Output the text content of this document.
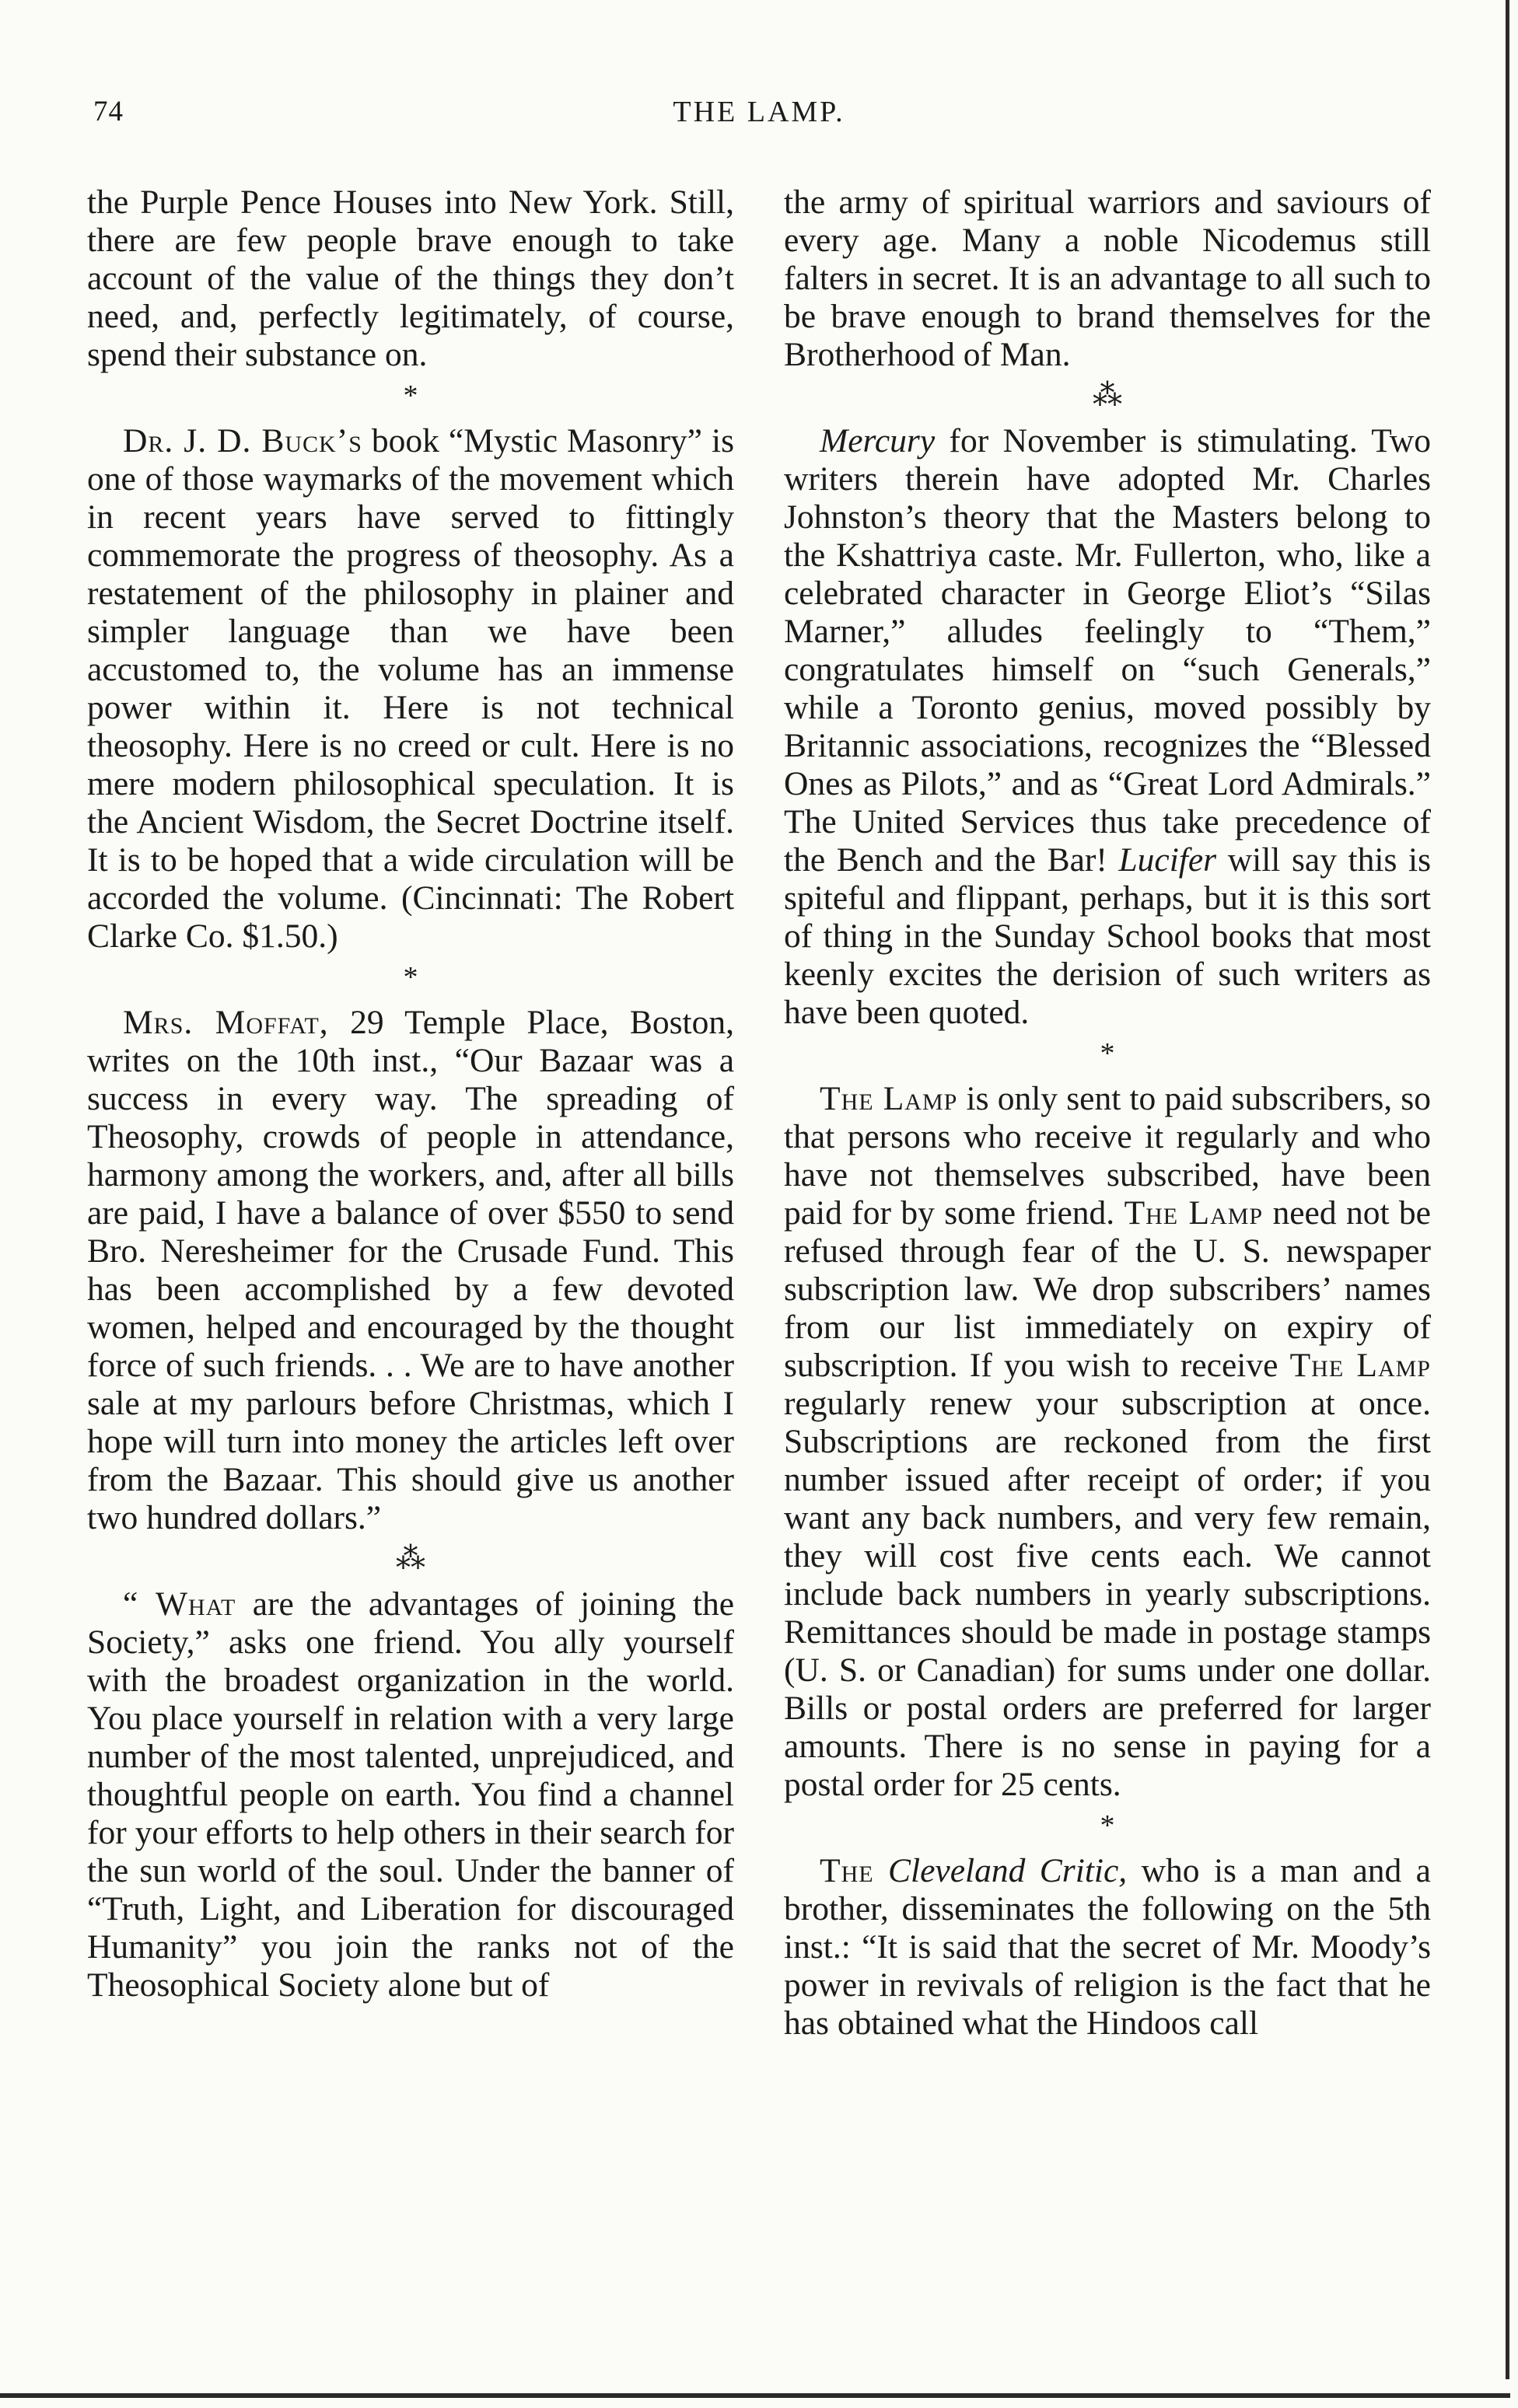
74	THE LAMP.

the Purple Pence Houses into New York. Still, there are few people brave enough to take account of the value of the things they don’t need, and, perfectly legitimately, of course, spend their substance on.

*

Dr. J. D. Buck’s book “Mystic Masonry” is one of those waymarks of the movement which in recent years have served to fittingly commemorate the progress of theosophy. As a restatement of the philosophy in plainer and simpler language than we have been accustomed to, the volume has an immense power within it. Here is not technical theosophy. Here is no creed or cult. Here is no mere modern philosophical speculation. It is the Ancient Wisdom, the Secret Doctrine itself. It is to be hoped that a wide circulation will be accorded the volume. (Cincinnati: The Robert Clarke Co. $1.50.)

*

Mrs. Moffat, 29 Temple Place, Boston, writes on the 10th inst., “Our Bazaar was a success in every way. The spreading of Theosophy, crowds of people in attendance, harmony among the workers, and, after all bills are paid, I have a balance of over $550 to send Bro. Neresheimer for the Crusade Fund. This has been accomplished by a few devoted women, helped and encouraged by the thought force of such friends. . . We are to have another sale at my parlours before Christmas, which I hope will turn into money the articles left over from the Bazaar. This should give us another two hundred dollars.”

⁂

“ What are the advantages of joining the Society,” asks one friend. You ally yourself with the broadest organization in the world. You place yourself in relation with a very large number of the most talented, unprejudiced, and thoughtful people on earth. You find a channel for your efforts to help others in their search for the sun world of the soul. Under the banner of “Truth, Light, and Liberation for discouraged Humanity” you join the ranks not of the Theosophical Society alone but of

the army of spiritual warriors and saviours of every age. Many a noble Nicodemus still falters in secret. It is an advantage to all such to be brave enough to brand themselves for the Brotherhood of Man.

⁂

Mercury for November is stimulating. Two writers therein have adopted Mr. Charles Johnston’s theory that the Masters belong to the Kshattriya caste. Mr. Fullerton, who, like a celebrated character in George Eliot’s “Silas Marner,” alludes feelingly to “Them,” congratulates himself on “such Generals,” while a Toronto genius, moved possibly by Britannic associations, recognizes the “Blessed Ones as Pilots,” and as “Great Lord Admirals.” The United Services thus take precedence of the Bench and the Bar! Lucifer will say this is spiteful and flippant, perhaps, but it is this sort of thing in the Sunday School books that most keenly excites the derision of such writers as have been quoted.

*

The Lamp is only sent to paid subscribers, so that persons who receive it regularly and who have not themselves subscribed, have been paid for by some friend. The Lamp need not be refused through fear of the U. S. newspaper subscription law. We drop subscribers’ names from our list immediately on expiry of subscription. If you wish to receive The Lamp regularly renew your subscription at once. Subscriptions are reckoned from the first number issued after receipt of order; if you want any back numbers, and very few remain, they will cost five cents each. We cannot include back numbers in yearly subscriptions. Remittances should be made in postage stamps (U. S. or Canadian) for sums under one dollar. Bills or postal orders are preferred for larger amounts. There is no sense in paying for a postal order for 25 cents.

*

The Cleveland Critic, who is a man and a brother, disseminates the following on the 5th inst.: “It is said that the secret of Mr. Moody’s power in revivals of religion is the fact that he has obtained what the Hindoos call
